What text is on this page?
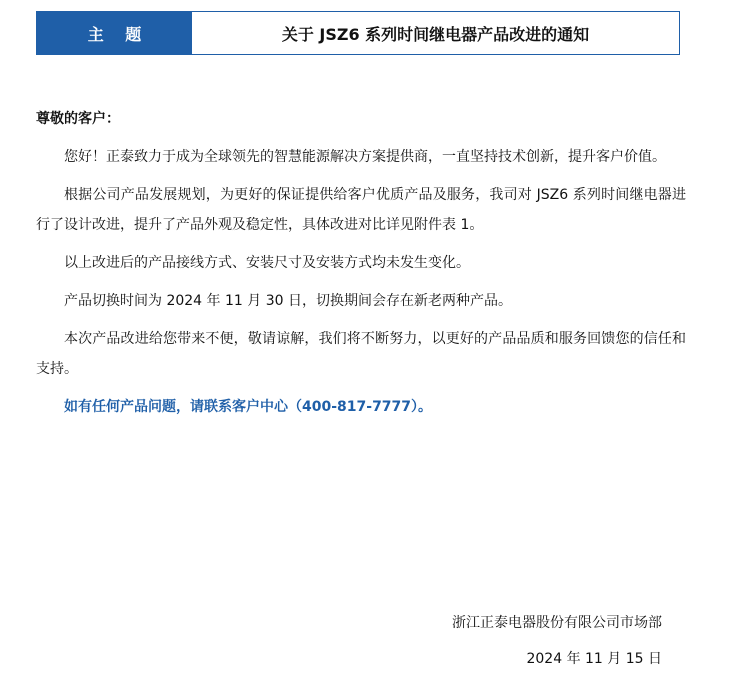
主 题	关于 JSZ6 系列时间继电器产品改进的通知

尊敬的客户：

您好！正泰致力于成为全球领先的智慧能源解决方案提供商，一直坚持技术创新，提升客户价值。

根据公司产品发展规划，为更好的保证提供给客户优质产品及服务，我司对 JSZ6 系列时间继电器进行了设计改进，提升了产品外观及稳定性，具体改进对比详见附件表 1。

以上改进后的产品接线方式、安装尺寸及安装方式均未发生变化。

产品切换时间为 2024 年 11 月 30 日，切换期间会存在新老两种产品。

本次产品改进给您带来不便，敬请谅解，我们将不断努力，以更好的产品品质和服务回馈您的信任和支持。

如有任何产品问题，请联系客户中心（400-817-7777）。

浙江正泰电器股份有限公司市场部
2024 年 11 月 15 日
